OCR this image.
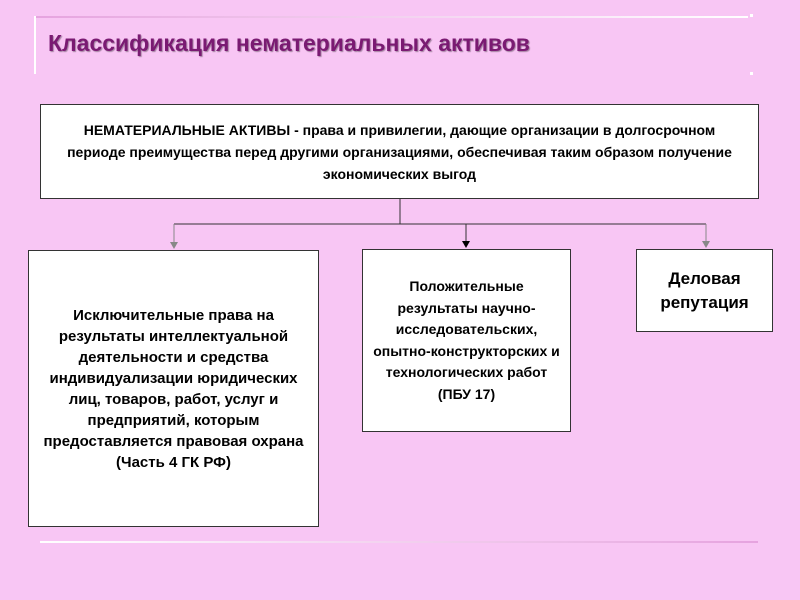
Классификация нематериальных активов
НЕМАТЕРИАЛЬНЫЕ АКТИВЫ - права и привилегии, дающие организации в долгосрочном периоде преимущества перед другими организациями, обеспечивая таким образом получение экономических выгод
Исключительные права на результаты интеллектуальной деятельности и средства индивидуализации юридических лиц, товаров, работ, услуг и предприятий, которым предоставляется правовая охрана (Часть 4 ГК РФ)
Положительные результаты научно-исследовательских, опытно-конструкторских и технологических работ (ПБУ 17)
Деловая репутация
